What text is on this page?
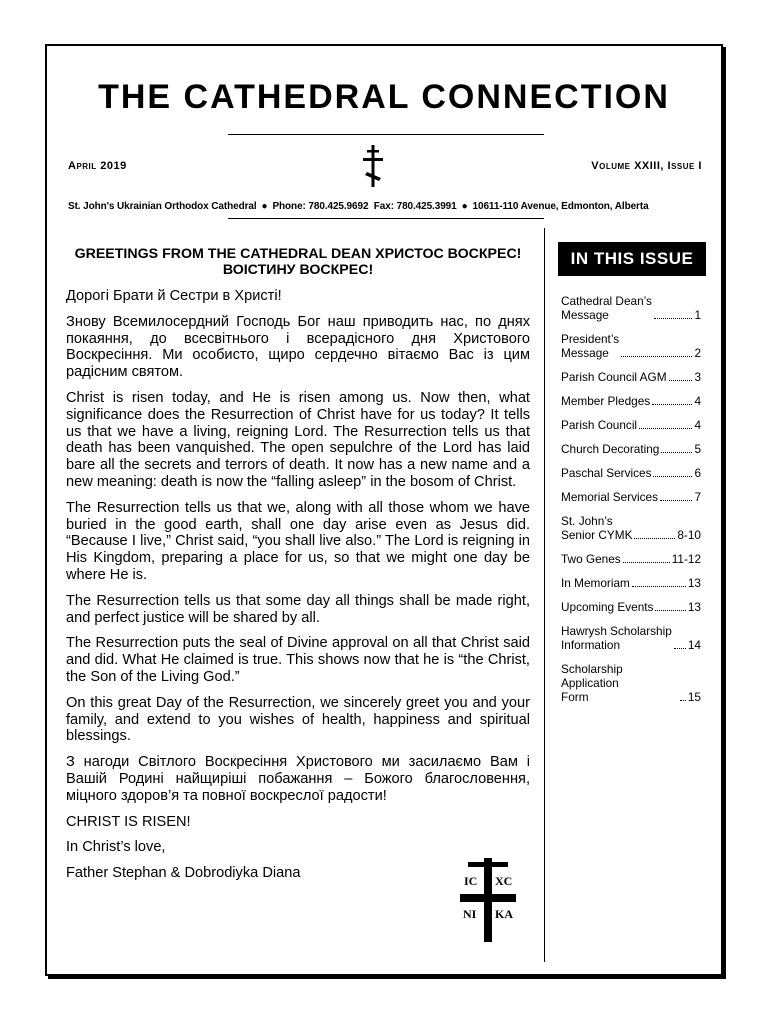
THE CATHEDRAL CONNECTION
April 2019	Volume XXIII, Issue I
St. John's Ukrainian Orthodox Cathedral ● Phone: 780.425.9692 Fax: 780.425.3991 ● 10611-110 Avenue, Edmonton, Alberta
GREETINGS FROM THE CATHEDRAL DEAN ХРИСТОС ВОСКРЕС! ВОІСТИНУ ВОСКРЕС!

Дорогі Брати й Сестри в Христі!

Знову Всемилосердний Господь Бог наш приводить нас, по днях покаяння, до всесвітнього і всерадісного дня Христового Воскресіння. Ми особисто, щиро сердечно вітаємо Вас із цим радісним святом.

Christ is risen today, and He is risen among us. Now then, what significance does the Resurrection of Christ have for us today? It tells us that we have a living, reigning Lord. The Resurrection tells us that death has been vanquished. The open sepulchre of the Lord has laid bare all the secrets and terrors of death. It now has a new name and a new meaning: death is now the “falling asleep” in the bosom of Christ.

The Resurrection tells us that we, along with all those whom we have buried in the good earth, shall one day arise even as Jesus did. “Because I live,” Christ said, “you shall live also.” The Lord is reigning in His Kingdom, preparing a place for us, so that we might one day be where He is.

The Resurrection tells us that some day all things shall be made right, and perfect justice will be shared by all.

The Resurrection puts the seal of Divine approval on all that Christ said and did. What He claimed is true. This shows now that he is “the Christ, the Son of the Living God.”

On this great Day of the Resurrection, we sincerely greet you and your family, and extend to you wishes of health, happiness and spiritual blessings.

З нагоди Світлого Воскресіння Христового ми засилаємо Вам і Вашій Родині найщиріші побажання – Божого благословення, міцного здоров’я та повної воскреслої радости!

CHRIST IS RISEN!

In Christ’s love,

Father Stephan & Dobrodiyka Diana	IC XC
NI KA
IN THIS ISSUE
Cathedral Dean’s
Message	1
President’s
Message	2
Parish Council AGM 3
Member Pledges	4
Parish Council	4
Church Decorating	5
Paschal Services	6
Memorial Services	7
St. John’s
Senior CYMK	8-10
Two Genes	11-12
In Memoriam	13
Upcoming Events	13
Hawrysh Scholarship
Information	14
Scholarship Application
Form	15
